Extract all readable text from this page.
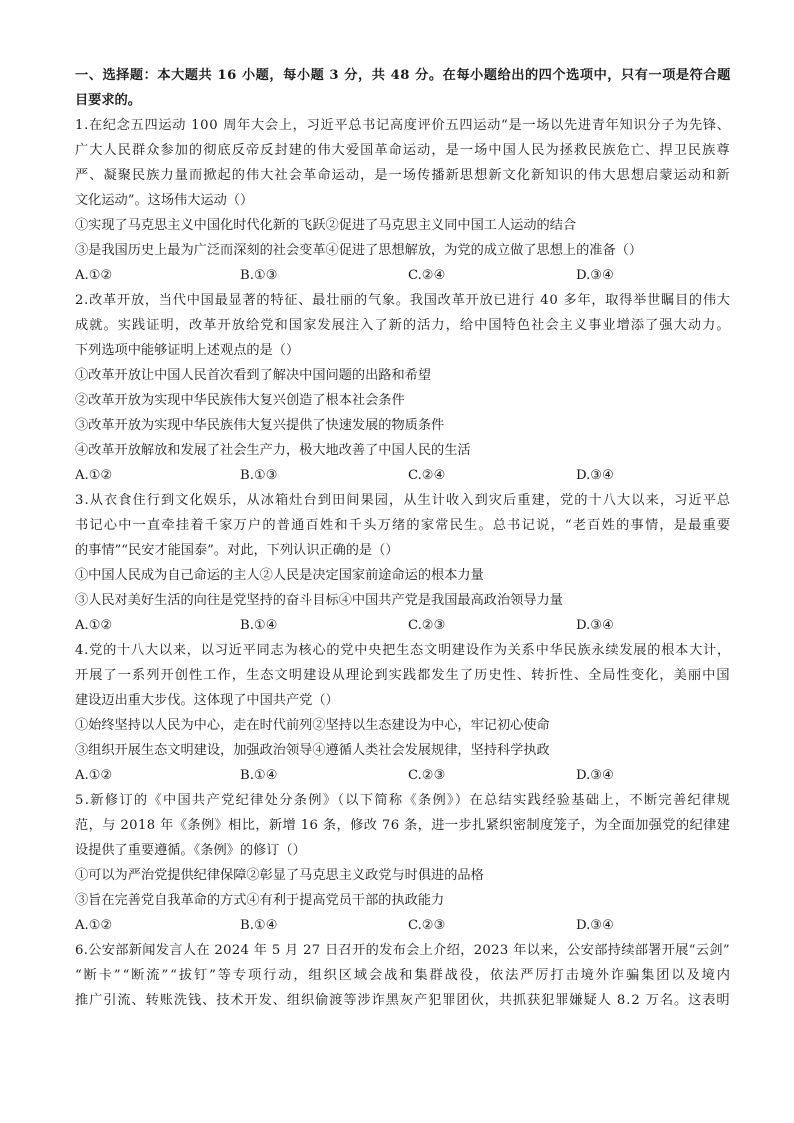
一、选择题：本大题共 16 小题，每小题 3 分，共 48 分。在每小题给出的四个选项中，只有一项是符合题
目要求的。
1.在纪念五四运动 100 周年大会上，习近平总书记高度评价五四运动“是一场以先进青年知识分子为先锋、
广大人民群众参加的彻底反帝反封建的伟大爱国革命运动，是一场中国人民为拯救民族危亡、捍卫民族尊
严、凝聚民族力量而掀起的伟大社会革命运动，是一场传播新思想新文化新知识的伟大思想启蒙运动和新
文化运动”。这场伟大运动（）
①实现了马克思主义中国化时代化新的飞跃②促进了马克思主义同中国工人运动的结合
③是我国历史上最为广泛而深刻的社会变革④促进了思想解放，为党的成立做了思想上的准备（）
A.①②	B.①③	C.②④	D.③④
2.改革开放，当代中国最显著的特征、最壮丽的气象。我国改革开放已进行 40 多年，取得举世瞩目的伟大
成就。实践证明，改革开放给党和国家发展注入了新的活力，给中国特色社会主义事业增添了强大动力。
下列选项中能够证明上述观点的是（）
①改革开放让中国人民首次看到了解决中国问题的出路和希望
②改革开放为实现中华民族伟大复兴创造了根本社会条件
③改革开放为实现中华民族伟大复兴提供了快速发展的物质条件
④改革开放解放和发展了社会生产力，极大地改善了中国人民的生活
A.①②	B.①③	C.②④	D.③④
3.从衣食住行到文化娱乐，从冰箱灶台到田间果园，从生计收入到灾后重建，党的十八大以来，习近平总
书记心中一直牵挂着千家万户的普通百姓和千头万绪的家常民生。总书记说，“老百姓的事情，是最重要
的事情”“民安才能国泰”。对此，下列认识正确的是（）
①中国人民成为自己命运的主人②人民是决定国家前途命运的根本力量
③人民对美好生活的向往是党坚持的奋斗目标④中国共产党是我国最高政治领导力量
A.①②	B.①④	C.②③	D.③④
4.党的十八大以来，以习近平同志为核心的党中央把生态文明建设作为关系中华民族永续发展的根本大计，
开展了一系列开创性工作，生态文明建设从理论到实践都发生了历史性、转折性、全局性变化，美丽中国
建设迈出重大步伐。这体现了中国共产党（）
①始终坚持以人民为中心，走在时代前列②坚持以生态建设为中心，牢记初心使命
③组织开展生态文明建设，加强政治领导④遵循人类社会发展规律，坚持科学执政
A.①②	B.①④	C.②③	D.③④
5.新修订的《中国共产党纪律处分条例》（以下简称《条例》）在总结实践经验基础上，不断完善纪律规
范，与 2018 年《条例》相比，新增 16 条，修改 76 条，进一步扎紧织密制度笼子，为全面加强党的纪律建
设提供了重要遵循。《条例》的修订（）
①可以为严治党提供纪律保障②彰显了马克思主义政党与时俱进的品格
③旨在完善党自我革命的方式④有利于提高党员干部的执政能力
A.①②	B.①④	C.②③	D.③④
6.公安部新闻发言人在 2024 年 5 月 27 日召开的发布会上介绍，2023 年以来，公安部持续部署开展“云剑”
“断卡”“断流”“拔钉”等专项行动，组织区域会战和集群战役，依法严厉打击境外诈骗集团以及境内
推广引流、转账洗钱、技术开发、组织偷渡等涉诈黑灰产犯罪团伙，共抓获犯罪嫌疑人 8.2 万名。这表明
